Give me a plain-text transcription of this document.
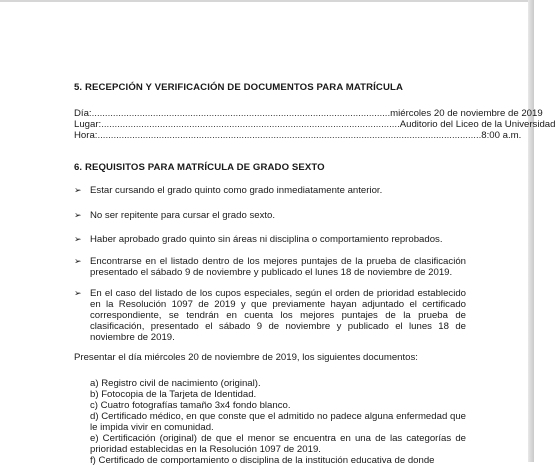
5. RECEPCIÓN Y VERIFICACIÓN DE DOCUMENTOS PARA MATRÍCULA
Día: ................................................................................................................ miércoles 20 de noviembre de 2019
Lugar: ................................................................................................................ Auditorio del Liceo de la Universidad
Hora: ................................................................................................................................................ 8:00 a.m.
6. REQUISITOS PARA MATRÍCULA DE GRADO SEXTO
➢ Estar cursando el grado quinto como grado inmediatamente anterior.
➢ No ser repitente para cursar el grado sexto.
➢ Haber aprobado grado quinto sin áreas ni disciplina o comportamiento reprobados.
➢ Encontrarse en el listado dentro de los mejores puntajes de la prueba de clasificación presentado el sábado 9 de noviembre y publicado el lunes 18 de noviembre de 2019.
➢ En el caso del listado de los cupos especiales, según el orden de prioridad establecido en la Resolución 1097 de 2019 y que previamente hayan adjuntado el certificado correspondiente, se tendrán en cuenta los mejores puntajes de la prueba de clasificación, presentado el sábado 9 de noviembre y publicado el lunes 18 de noviembre de 2019.
Presentar el día miércoles 20 de noviembre de 2019, los siguientes documentos:
a) Registro civil de nacimiento (original).
b) Fotocopia de la Tarjeta de Identidad.
c) Cuatro fotografías tamaño 3x4 fondo blanco.
d) Certificado médico, en que conste que el admitido no padece alguna enfermedad que le impida vivir en comunidad.
e) Certificación (original) de que el menor se encuentra en una de las categorías de prioridad establecidas en la Resolución 1097 de 2019.
f) Certificado de comportamiento o disciplina de la institución educativa de donde
